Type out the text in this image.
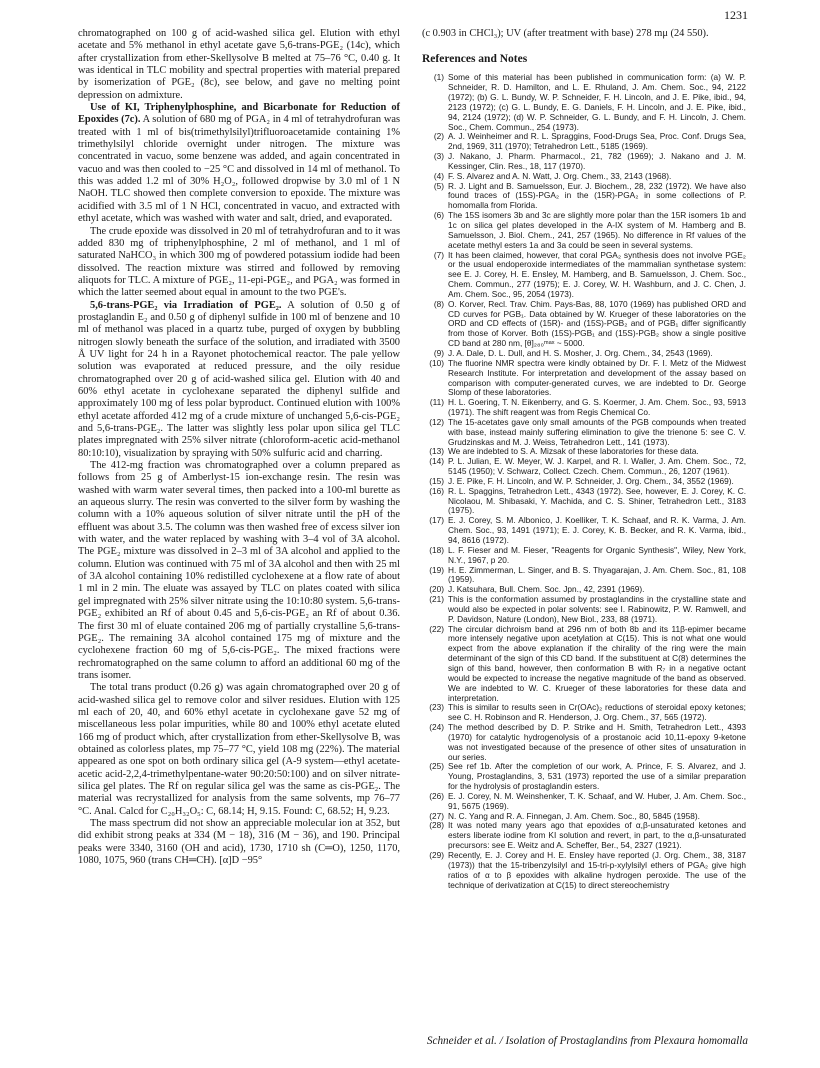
1231

chromatographed on 100 g of acid-washed silica gel. Elution with ethyl acetate and 5% methanol in ethyl acetate gave 5,6-trans-PGE₂ (14c), which after crystallization from ether-Skellysolve B melted at 75–76 °C, 0.40 g. It was identical in TLC mobility and spectral properties with material prepared by isomerization of PGE₂ (8c), see below, and gave no melting point depression on admixture.

Use of KI, Triphenylphosphine, and Bicarbonate for Reduction of Epoxides (7c). A solution of 680 mg of PGA₂ in 4 ml of tetrahydrofuran was treated with 1 ml of bis(trimethylsilyl)trifluoroacetamide containing 1% trimethylsilyl chloride overnight under nitrogen. The mixture was concentrated in vacuo, some benzene was added, and again concentrated in vacuo and was then cooled to −25 °C and dissolved in 14 ml of methanol. To this was added 1.2 ml of 30% H₂O₂, followed dropwise by 3.0 ml of 1 N NaOH. TLC showed then complete conversion to epoxide. The mixture was acidified with 3.5 ml of 1 N HCl, concentrated in vacuo, and extracted with ethyl acetate, which was washed with water and salt, dried, and evaporated.

The crude epoxide was dissolved in 20 ml of tetrahydrofuran and to it was added 830 mg of triphenylphosphine, 2 ml of methanol, and 1 ml of saturated NaHCO₃ in which 300 mg of powdered potassium iodide had been dissolved. The reaction mixture was stirred and followed by removing aliquots for TLC. A mixture of PGE₂, 11-epi-PGE₂, and PGA₂ was formed in which the latter seemed about equal in amount to the two PGE's.

5,6-trans-PGE₂ via Irradiation of PGE₂. A solution of 0.50 g of prostaglandin E₂ and 0.50 g of diphenyl sulfide in 100 ml of benzene and 10 ml of methanol was placed in a quartz tube, purged of oxygen by bubbling nitrogen slowly beneath the surface of the solution, and irradiated with 3500 Å UV light for 24 h in a Rayonet photochemical reactor. The pale yellow solution was evaporated at reduced pressure, and the oily residue chromatographed over 20 g of acid-washed silica gel. Elution with 40 and 60% ethyl acetate in cyclohexane separated the diphenyl sulfide and approximately 100 mg of less polar byproduct. Continued elution with 100% ethyl acetate afforded 412 mg of a crude mixture of unchanged 5,6-cis-PGE₂ and 5,6-trans-PGE₂. The latter was slightly less polar upon silica gel TLC plates impregnated with 25% silver nitrate (chloroform-acetic acid-methanol 80:10:10), visualization by spraying with 50% sulfuric acid and charring.

The 412-mg fraction was chromatographed over a column prepared as follows from 25 g of Amberlyst-15 ion-exchange resin. The resin was washed with warm water several times, then packed into a 100-ml burette as an aqueous slurry. The resin was converted to the silver form by washing the column with a 10% aqueous solution of silver nitrate until the pH of the effluent was about 3.5. The column was then washed free of excess silver ion with water, and the water replaced by washing with 3–4 vol of 3A alcohol. The PGE₂ mixture was dissolved in 2–3 ml of 3A alcohol and applied to the column. Elution was continued with 75 ml of 3A alcohol and then with 25 ml of 3A alcohol containing 10% redistilled cyclohexene at a flow rate of about 1 ml in 2 min. The eluate was assayed by TLC on plates coated with silica gel impregnated with 25% silver nitrate using the 10:10:80 system. 5,6-trans-PGE₂ exhibited an Rf of about 0.45 and 5,6-cis-PGE₂ an Rf of about 0.36. The first 30 ml of eluate contained 206 mg of partially crystalline 5,6-trans-PGE₂. The remaining 3A alcohol contained 175 mg of mixture and the cyclohexene fraction 60 mg of 5,6-cis-PGE₂. The mixed fractions were rechromatographed on the same column to afford an additional 60 mg of the trans isomer.

The total trans product (0.26 g) was again chromatographed over 20 g of acid-washed silica gel to remove color and silver residues. Elution with 125 ml each of 20, 40, and 60% ethyl acetate in cyclohexane gave 52 mg of miscellaneous less polar impurities, while 80 and 100% ethyl acetate eluted 166 mg of product which, after crystallization from ether-Skellysolve B, was obtained as colorless plates, mp 75–77 °C, yield 108 mg (22%). The material appeared as one spot on both ordinary silica gel (A-9 system—ethyl acetate-acetic acid-2,2,4-trimethylpentane-water 90:20:50:100) and on silver nitrate-silica gel plates. The Rf on regular silica gel was the same as cis-PGE₂. The material was recrystallized for analysis from the same solvents, mp 76–77 °C. Anal. Calcd for C₂₀H₃₂O₅: C, 68.14; H, 9.15. Found: C, 68.52; H, 9.23.

The mass spectrum did not show an appreciable molecular ion at 352, but did exhibit strong peaks at 334 (M − 18), 316 (M − 36), and 190. Principal peaks were 3340, 3160 (OH and acid), 1730, 1710 sh (C═O), 1250, 1170, 1080, 1075, 960 (trans CH═CH). [α]D −95°

(c 0.903 in CHCl₃); UV (after treatment with base) 278 mμ (24 550).

References and Notes
(1) Some of this material has been published in communication form: (a) W. P. Schneider, R. D. Hamilton, and L. E. Rhuland, J. Am. Chem. Soc., 94, 2122 (1972); (b) G. L. Bundy, W. P. Schneider, F. H. Lincoln, and J. E. Pike, ibid., 94, 2123 (1972); (c) G. L. Bundy, E. G. Daniels, F. H. Lincoln, and J. E. Pike, ibid., 94, 2124 (1972); (d) W. P. Schneider, G. L. Bundy, and F. H. Lincoln, J. Chem. Soc., Chem. Commun., 254 (1973).
(2) A. J. Weinheimer and R. L. Spraggins, Food-Drugs Sea, Proc. Conf. Drugs Sea, 2nd, 1969, 311 (1970); Tetrahedron Lett., 5185 (1969).
(3) J. Nakano, J. Pharm. Pharmacol., 21, 782 (1969); J. Nakano and J. M. Kessinger, Clin. Res., 18, 117 (1970).
(4) F. S. Alvarez and A. N. Watt, J. Org. Chem., 33, 2143 (1968).
(5) R. J. Light and B. Samuelsson, Eur. J. Biochem., 28, 232 (1972). We have also found traces of (15S)-PGA₂ in the (15R)-PGA₂ in some collections of P. homomalla from Florida.
(6) The 15S isomers 3b and 3c are slightly more polar than the 15R isomers 1b and 1c on silica gel plates developed in the A-IX system of M. Hamberg and B. Samuelsson, J. Biol. Chem., 241, 257 (1965). No difference in Rf values of the acetate methyl esters 1a and 3a could be seen in several systems.
(7) It has been claimed, however, that coral PGA₂ synthesis does not involve PGE₂ or the usual endoperoxide intermediates of the mammalian synthetase system: see E. J. Corey, H. E. Ensley, M. Hamberg, and B. Samuelsson, J. Chem. Soc., Chem. Commun., 277 (1975); E. J. Corey, W. H. Washburn, and J. C. Chen, J. Am. Chem. Soc., 95, 2054 (1973).
(8) O. Korver, Recl. Trav. Chim. Pays-Bas, 88, 1070 (1969) has published ORD and CD curves for PGB₁. Data obtained by W. Krueger of these laboratories on the ORD and CD effects of (15R)- and (15S)-PGB₂ and of PGB₁ differ significantly from those of Korver. Both (15S)-PGB₁ and (15S)-PGB₂ show a single positive CD band at 280 nm, [θ]₂₈₀ᵐᵃˣ ~ 5000.
(9) J. A. Dale, D. L. Dull, and H. S. Mosher, J. Org. Chem., 34, 2543 (1969).
(10) The fluorine NMR spectra were kindly obtained by Dr. F. I. Metz of the Midwest Research Institute. For interpretation and development of the assay based on comparison with computer-generated curves, we are indebted to Dr. George Slomp of these laboratories.
(11) H. L. Goering, T. N. Eikenberry, and G. S. Koermer, J. Am. Chem. Soc., 93, 5913 (1971). The shift reagent was from Regis Chemical Co.
(12) The 15-acetates gave only small amounts of the PGB compounds when treated with base, instead mainly suffering elimination to give the trienone 5: see C. V. Grudzinskas and M. J. Weiss, Tetrahedron Lett., 141 (1973).
(13) We are indebted to S. A. Mizsak of these laboratories for these data.
(14) P. L. Julian, E. W. Meyer, W. J. Karpel, and R. I. Waller, J. Am. Chem. Soc., 72, 5145 (1950); V. Schwarz, Collect. Czech. Chem. Commun., 26, 1207 (1961).
(15) J. E. Pike, F. H. Lincoln, and W. P. Schneider, J. Org. Chem., 34, 3552 (1969).
(16) R. L. Spaggins, Tetrahedron Lett., 4343 (1972). See, however, E. J. Corey, K. C. Nicolaou, M. Shibasaki, Y. Machida, and C. S. Shiner, Tetrahedron Lett., 3183 (1975).
(17) E. J. Corey, S. M. Albonico, J. Koelliker, T. K. Schaaf, and R. K. Varma, J. Am. Chem. Soc., 93, 1491 (1971); E. J. Corey, K. B. Becker, and R. K. Varma, ibid., 94, 8616 (1972).
(18) L. F. Fieser and M. Fieser, "Reagents for Organic Synthesis", Wiley, New York, N.Y., 1967, p 20.
(19) H. E. Zimmerman, L. Singer, and B. S. Thyagarajan, J. Am. Chem. Soc., 81, 108 (1959).
(20) J. Katsuhara, Bull. Chem. Soc. Jpn., 42, 2391 (1969).
(21) This is the conformation assumed by prostaglandins in the crystalline state and would also be expected in polar solvents: see I. Rabinowitz, P. W. Ramwell, and P. Davidson, Nature (London), New Biol., 233, 88 (1971).
(22) The circular dichroism band at 296 nm of both 8b and its 11β-epimer became more intensely negative upon acetylation at C(15). This is not what one would expect from the above explanation if the chirality of the ring were the main determinant of the sign of this CD band. If the substituent at C(8) determines the sign of this band, however, then conformation B with R₇ in a negative octant would be expected to increase the negative magnitude of the band as observed. We are indebted to W. C. Krueger of these laboratories for these data and interpretation.
(23) This is similar to results seen in Cr(OAc)₂ reductions of steroidal epoxy ketones; see C. H. Robinson and R. Henderson, J. Org. Chem., 37, 565 (1972).
(24) The method described by D. P. Strike and H. Smith, Tetrahedron Lett., 4393 (1970) for catalytic hydrogenolysis of a prostanoic acid 10,11-epoxy 9-ketone was not investigated because of the presence of other sites of unsaturation in our series.
(25) See ref 1b. After the completion of our work, A. Prince, F. S. Alvarez, and J. Young, Prostaglandins, 3, 531 (1973) reported the use of a similar preparation for the hydrolysis of prostaglandin esters.
(26) E. J. Corey, N. M. Weinshenker, T. K. Schaaf, and W. Huber, J. Am. Chem. Soc., 91, 5675 (1969).
(27) N. C. Yang and R. A. Finnegan, J. Am. Chem. Soc., 80, 5845 (1958).
(28) It was noted many years ago that epoxides of α,β-unsaturated ketones and esters liberate iodine from KI solution and revert, in part, to the α,β-unsaturated precursors: see E. Weitz and A. Scheffer, Ber., 54, 2327 (1921).
(29) Recently, E. J. Corey and H. E. Ensley have reported (J. Org. Chem., 38, 3187 (1973)) that the 15-tribenzylsilyl and 15-tri-p-xylylsilyl ethers of PGA₂ give high ratios of α to β epoxides with alkaline hydrogen peroxide. The use of the technique of derivatization at C(15) to direct stereochemistry
Schneider et al. / Isolation of Prostaglandins from Plexaura homomalla
